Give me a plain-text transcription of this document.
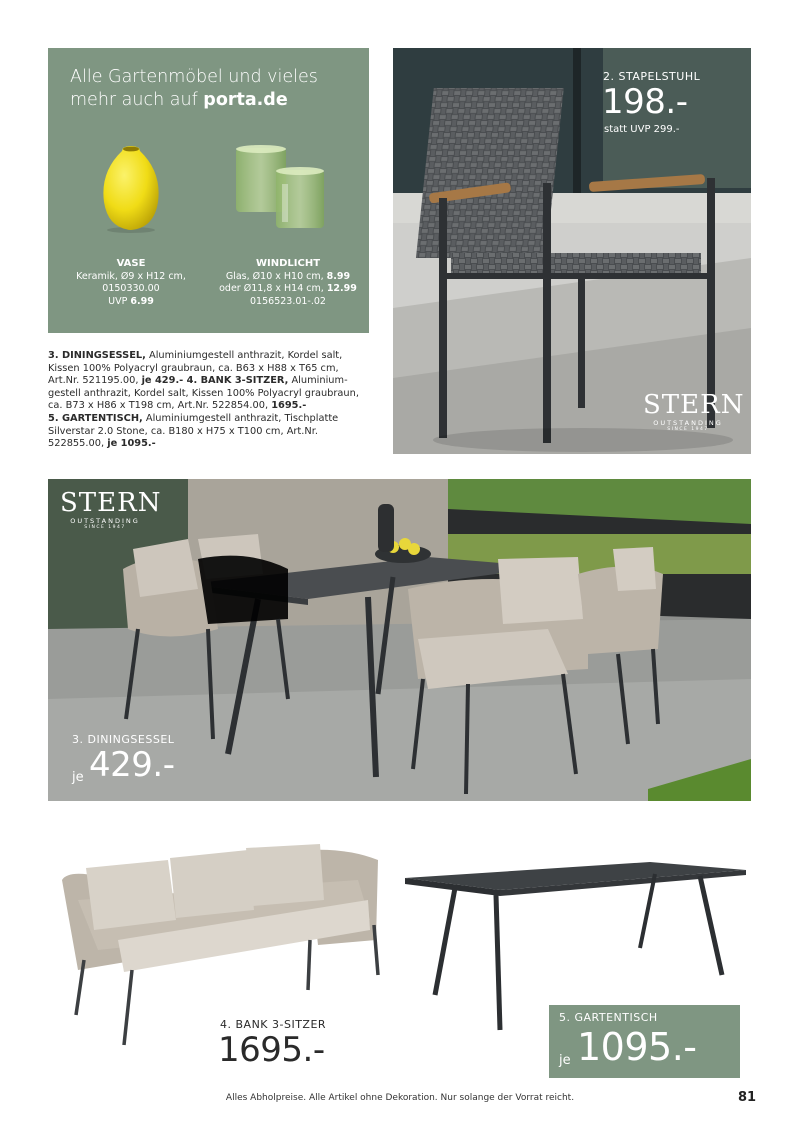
Alle Gartenmöbel und vieles
mehr auch auf porta.de
VASE
Keramik, Ø9 x H12 cm,
0150330.00
UVP 6.99
WINDLICHT
Glas, Ø10 x H10 cm, 8.99
oder Ø11,8 x H14 cm, 12.99
0156523.01-.02
3. DININGSESSEL, Aluminiumgestell anthrazit, Kordel salt, Kissen 100% Polyacryl graubraun, ca. B63 x H88 x T65 cm, Art.Nr. 521195.00, je 429.- 4. BANK 3-SITZER, Aluminiumgestell anthrazit, Kordel salt, Kissen 100% Polyacryl graubraun, ca. B73 x H86 x T198 cm, Art.Nr. 522854.00, 1695.-
5. GARTENTISCH, Aluminiumgestell anthrazit, Tischplatte Silverstar 2.0 Stone, ca. B180 x H75 x T100 cm, Art.Nr. 522855.00, je 1095.-
2. STAPELSTUHL
198.-
statt UVP 299.-
STERN
OUTSTANDING
SINCE 1947
STERN
OUTSTANDING
SINCE 1947
3. DININGSESSEL
je 429.-
4. BANK 3-SITZER
1695.-
5. GARTENTISCH
je 1095.-
Alles Abholpreise. Alle Artikel ohne Dekoration. Nur solange der Vorrat reicht.	81
